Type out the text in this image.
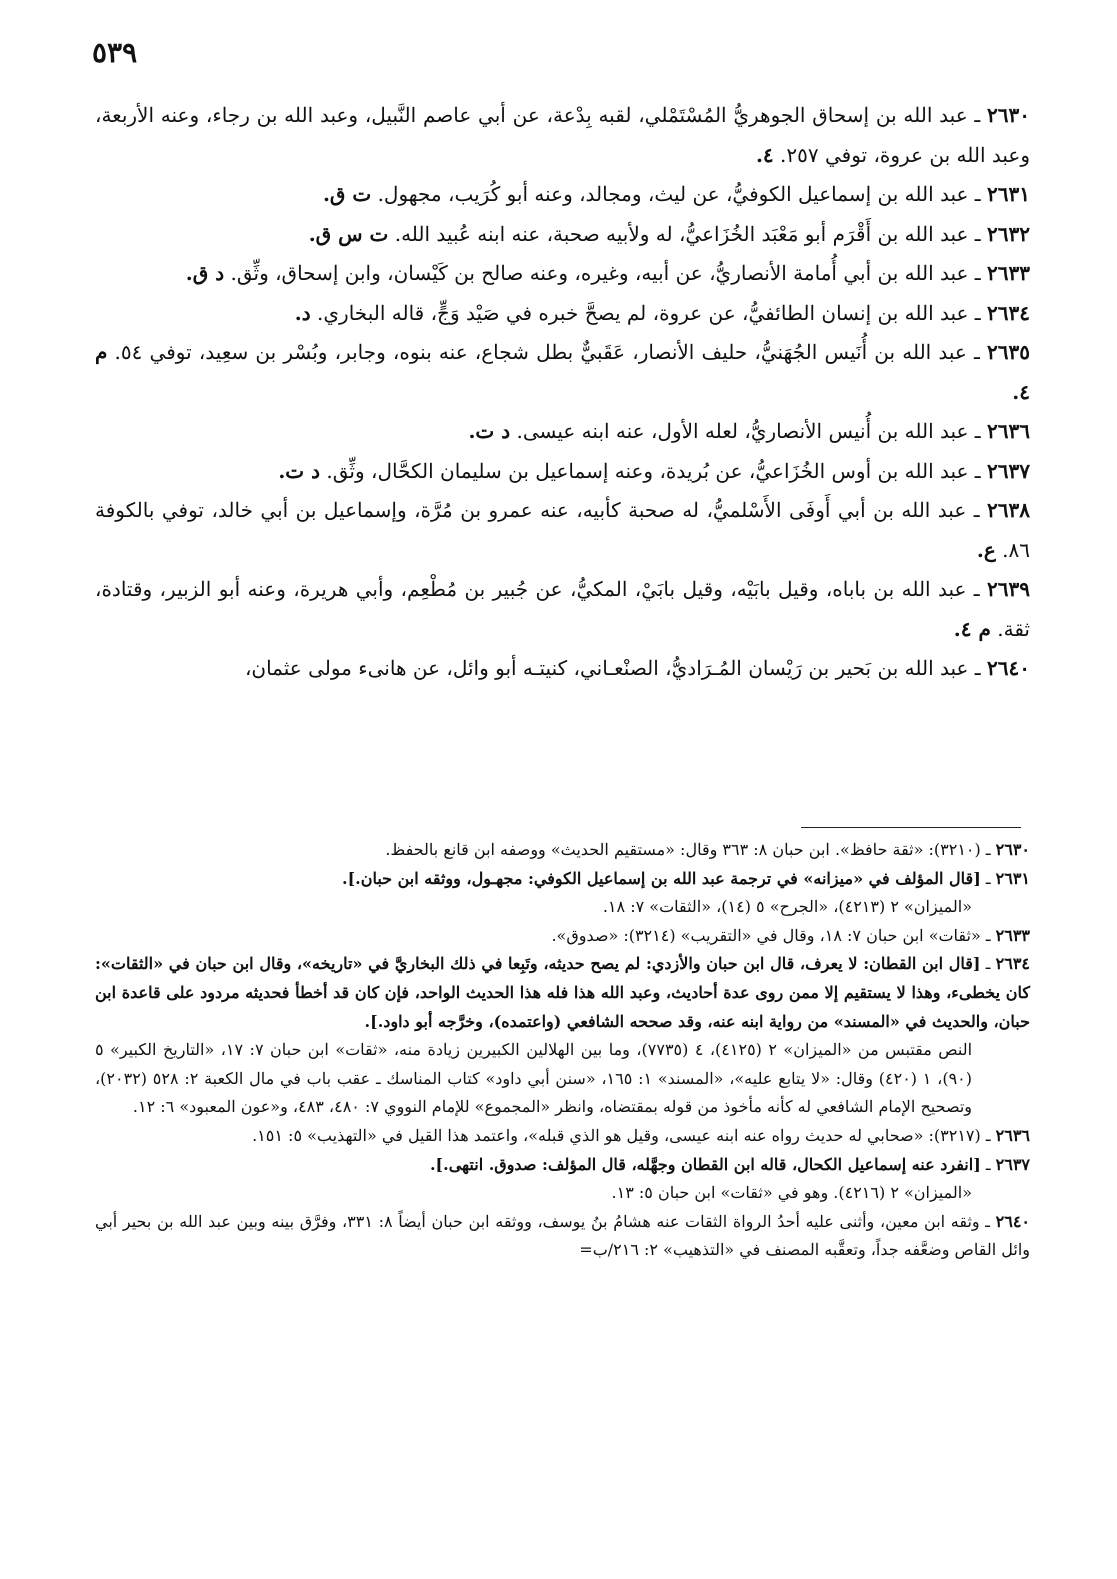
٥٣٩

٢٦٣٠ ـ عبد الله بن إسحاق الجوهريُّ المُسْتَمْلي، لقبه بِدْعة، عن أبي عاصم النَّبيل، وعبد الله بن رجاء، وعنه الأربعة، وعبد الله بن عروة، توفي ٢٥٧. ٤.

٢٦٣١ ـ عبد الله بن إسماعيل الكوفيُّ، عن ليث، ومجالد، وعنه أبو كُرَيب، مجهول. ت ق.

٢٦٣٢ ـ عبد الله بن أَقْرَم أبو مَعْبَد الخُزَاعيُّ، له ولأبيه صحبة، عنه ابنه عُبيد الله. ت س ق.

٢٦٣٣ ـ عبد الله بن أبي أُمامة الأنصاريُّ، عن أبيه، وغيره، وعنه صالح بن كَيْسان، وابن إسحاق، وثِّق. د ق.

٢٦٣٤ ـ عبد الله بن إنسان الطائفيُّ، عن عروة، لم يصحَّ خبره في صَيْد وَجٍّ، قاله البخاري. د.

٢٦٣٥ ـ عبد الله بن أُنَيس الجُهَنيُّ، حليف الأنصار، عَقَبيٌّ بطل شجاع، عنه بنوه، وجابر، وبُسْر بن سعِيد، توفي ٥٤. م ٤.

٢٦٣٦ ـ عبد الله بن أُنيس الأنصاريُّ، لعله الأول، عنه ابنه عيسى. د ت.

٢٦٣٧ ـ عبد الله بن أوس الخُزَاعيُّ، عن بُريدة، وعنه إسماعيل بن سليمان الكحَّال، وثِّق. د ت.

٢٦٣٨ ـ عبد الله بن أبي أَوفَى الأَسْلميُّ، له صحبة كأبيه، عنه عمرو بن مُرَّة، وإسماعيل بن أبي خالد، توفي بالكوفة ٨٦. ع.

٢٦٣٩ ـ عبد الله بن باباه، وقيل بابَيْه، وقيل بابَيْ، المكيُّ، عن جُبير بن مُطْعِم، وأبي هريرة، وعنه أبو الزبير، وقتادة، ثقة. م ٤.

٢٦٤٠ ـ عبد الله بن بَحير بن رَيْسان المُـرَاديُّ، الصنْعـاني، كنيتـه أبو وائل، عن هانىء مولى عثمان،

٢٦٣٠ ـ (٣٢١٠): «ثقة حافظ». ابن حبان ٨: ٣٦٣ وقال: «مستقيم الحديث» ووصفه ابن قانع بالحفظ.

٢٦٣١ ـ [قال المؤلف في «ميزانه» في ترجمة عبد الله بن إسماعيل الكوفي: مجهـول، ووثقه ابن حبان.].

«الميزان» ٢ (٤٢١٣)، «الجرح» ٥ (١٤)، «الثقات» ٧: ١٨.

٢٦٣٣ ـ «ثقات» ابن حبان ٧: ١٨، وقال في «التقريب» (٣٢١٤): «صدوق».

٢٦٣٤ ـ [قال ابن القطان: لا يعرف، قال ابن حبان والأزدي: لم يصح حديثه، وتَبِعا في ذلك البخاريَّ في «تاريخه»، وقال ابن حبان في «الثقات»: كان يخطىء، وهذا لا يستقيم إلا ممن روى عدة أحاديث، وعبد الله هذا فله هذا الحديث الواحد، فإن كان قد أخطأ فحديثه مردود على قاعدة ابن حبان، والحديث في «المسند» من رواية ابنه عنه، وقد صححه الشافعي (واعتمده)، وخرَّجه أبو داود.].

النص مقتبس من «الميزان» ٢ (٤١٢٥)، ٤ (٧٧٣٥)، وما بين الهلالين الكبيرين زيادة منه، «ثقات» ابن حبان ٧: ١٧، «التاريخ الكبير» ٥ (٩٠)، ١ (٤٢٠) وقال: «لا يتابع عليه»، «المسند» ١: ١٦٥، «سنن أبي داود» كتاب المناسك ـ عقب باب في مال الكعبة ٢: ٥٢٨ (٢٠٣٢)، وتصحيح الإمام الشافعي له كأنه مأخوذ من قوله بمقتضاه، وانظر «المجموع» للإمام النووي ٧: ٤٨٠، ٤٨٣، و«عون المعبود» ٦: ١٢.

٢٦٣٦ ـ (٣٢١٧): «صحابي له حديث رواه عنه ابنه عيسى، وقيل هو الذي قبله»، واعتمد هذا القيل في «التهذيب» ٥: ١٥١.

٢٦٣٧ ـ [انفرد عنه إسماعيل الكحال، قاله ابن القطان وجهَّله، قال المؤلف: صدوق. انتهى.].

«الميزان» ٢ (٤٢١٦). وهو في «ثقات» ابن حبان ٥: ١٣.

٢٦٤٠ ـ وثقه ابن معين، وأثنى عليه أحدُ الرواة الثقات عنه هشامُ بنُ يوسف، ووثقه ابن حبان أيضاً ٨: ٣٣١، وفرَّق بينه وبين عبد الله بن بحير أبي وائل القاص وضعَّفه جداً، وتعقَّبه المصنف في «التذهيب» ٢: ٢١٦/ب=
